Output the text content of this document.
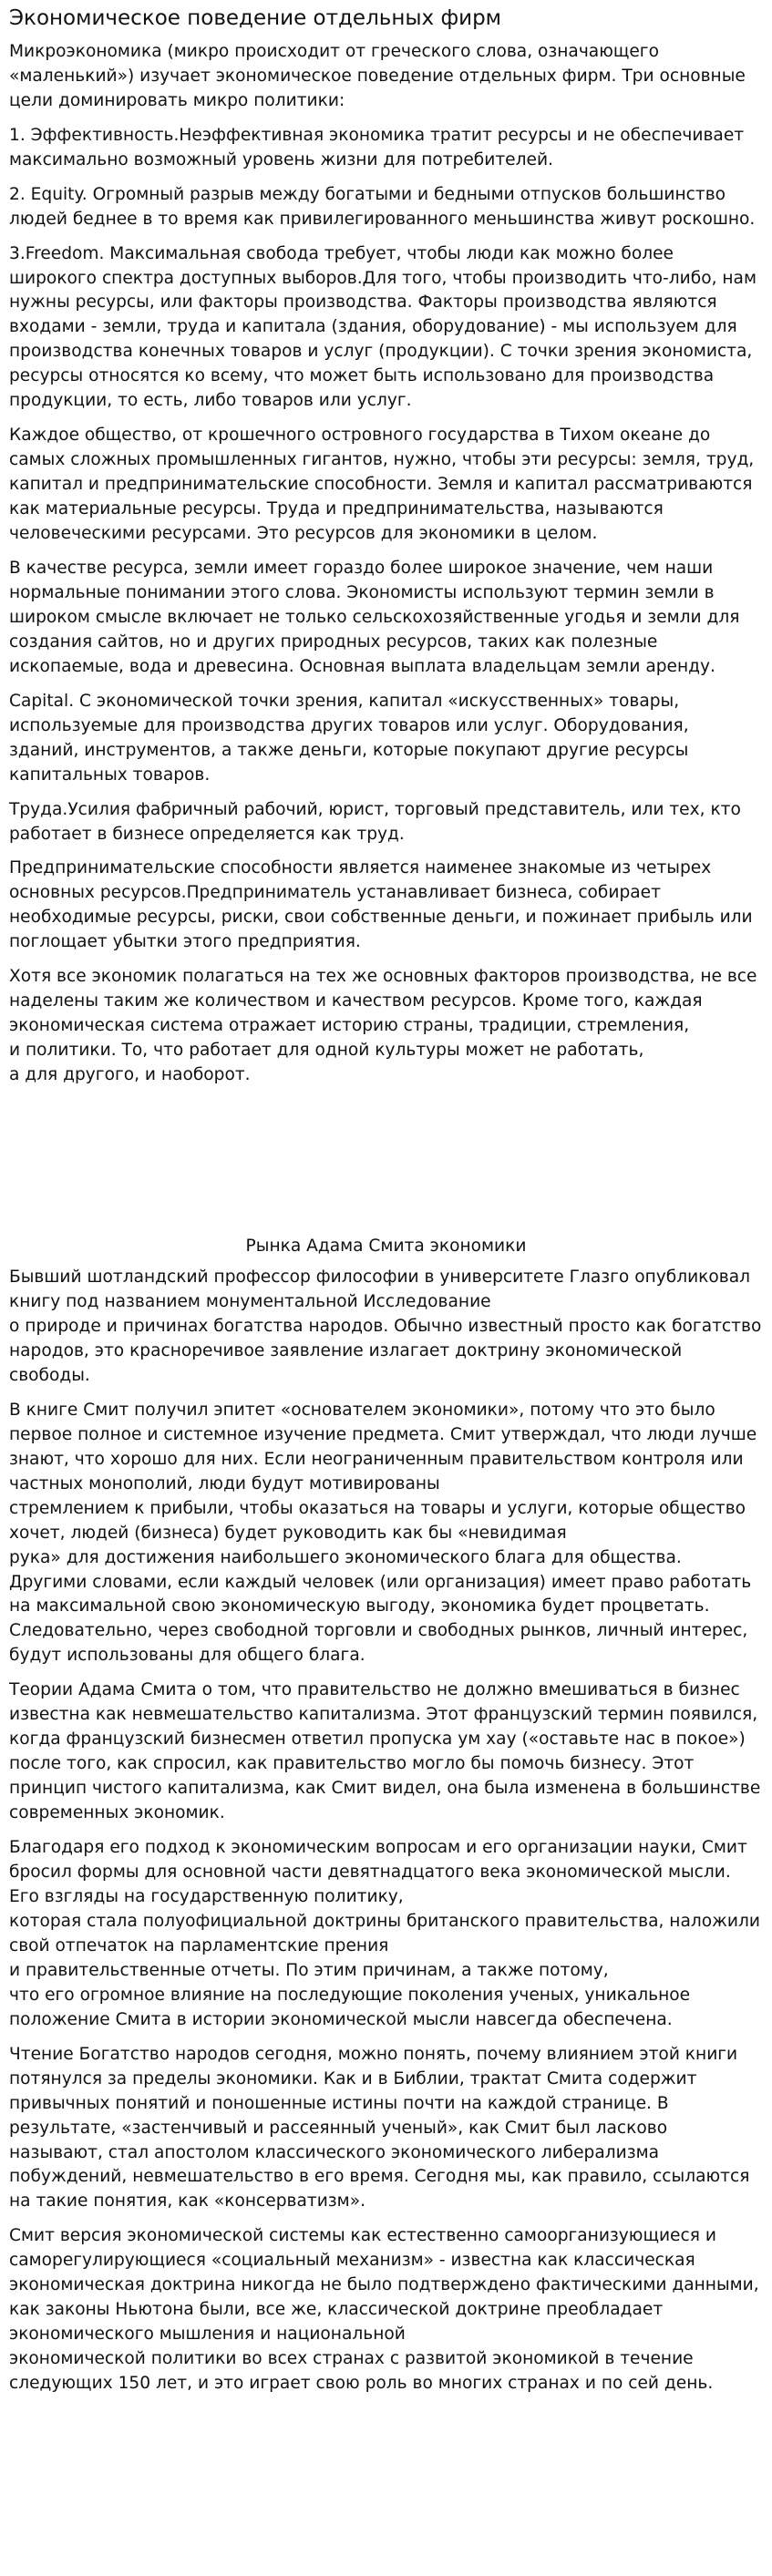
Экономическое поведение отдельных фирм

Микроэкономика (микро происходит от греческого слова, означающего «маленький») изучает экономическое поведение отдельных фирм. Три основные цели доминировать микро политики:

1. Эффективность.Неэффективная экономика тратит ресурсы и не обеспечивает максимально возможный уровень жизни для потребителей.

2. Equity. Огромный разрыв между богатыми и бедными отпусков большинство людей беднее в то время как привилегированного меньшинства живут роскошно.

3.Freedom. Максимальная свобода требует, чтобы люди как можно более широкого спектра доступных выборов.Для того, чтобы производить что-либо, нам нужны ресурсы, или факторы производства. Факторы производства являются входами - земли, труда и капитала (здания, оборудование) - мы используем для производства конечных товаров и услуг (продукции). С точки зрения экономиста, ресурсы относятся ко всему, что может быть использовано для производства продукции, то есть, либо товаров или услуг.

Каждое общество, от крошечного островного государства в Тихом океане до самых сложных промышленных гигантов, нужно, чтобы эти ресурсы: земля, труд, капитал и предпринимательские способности. Земля и капитал рассматриваются как материальные ресурсы. Труда и предпринимательства, называются человеческими ресурсами. Это ресурсов для экономики в целом.

В качестве ресурса, земли имеет гораздо более широкое значение, чем наши нормальные понимании этого слова. Экономисты используют термин земли в широком смысле включает не только сельскохозяйственные угодья и земли для создания сайтов, но и других природных ресурсов, таких как полезные ископаемые, вода и древесина. Основная выплата владельцам земли аренду.

Capital. С экономической точки зрения, капитал «искусственных» товары, используемые для производства других товаров или услуг. Оборудования, зданий, инструментов, а также деньги, которые покупают другие ресурсы капитальных товаров.

Труда.Усилия фабричный рабочий, юрист, торговый представитель, или тех, кто работает в бизнесе определяется как труд.

Предпринимательские способности является наименее знакомые из четырех основных ресурсов.Предприниматель устанавливает бизнеса, собирает необходимые ресурсы, риски, свои собственные деньги, и пожинает прибыль или поглощает убытки этого предприятия.

Хотя все экономик полагаться на тех же основных факторов производства, не все наделены таким же количеством и качеством ресурсов. Кроме того, каждая экономическая система отражает историю страны, традиции, стремления,
и политики. То, что работает для одной культуры может не работать,
а для другого, и наоборот.

Рынка Адама Смита экономики

Бывший шотландский профессор философии в университете Глазго опубликовал книгу под названием монументальной Исследование
о природе и причинах богатства народов. Обычно известный просто как богатство народов, это красноречивое заявление излагает доктрину экономической свободы.

В книге Смит получил эпитет «основателем экономики», потому что это было первое полное и системное изучение предмета. Смит утверждал, что люди лучше знают, что хорошо для них. Если неограниченным правительством контроля или частных монополий, люди будут мотивированы
стремлением к прибыли, чтобы оказаться на товары и услуги, которые общество хочет, людей (бизнеса) будет руководить как бы «невидимая
рука» для достижения наибольшего экономического блага для общества. Другими словами, если каждый человек (или организация) имеет право работать на максимальной свою экономическую выгоду, экономика будет процветать. Следовательно, через свободной торговли и свободных рынков, личный интерес, будут использованы для общего блага.

Теории Адама Смита о том, что правительство не должно вмешиваться в бизнес известна как невмешательство капитализма. Этот французский термин появился, когда французский бизнесмен ответил пропуска ум хау («оставьте нас в покое») после того, как спросил, как правительство могло бы помочь бизнесу. Этот принцип чистого капитализма, как Смит видел, она была изменена в большинстве современных экономик.

Благодаря его подход к экономическим вопросам и его организации науки, Смит бросил формы для основной части девятнадцатого века экономической мысли. Его взгляды на государственную политику,
которая стала полуофициальной доктрины британского правительства, наложили свой отпечаток на парламентские прения
и правительственные отчеты. По этим причинам, а также потому,
что его огромное влияние на последующие поколения ученых, уникальное положение Смита в истории экономической мысли навсегда обеспечена.

Чтение Богатство народов сегодня, можно понять, почему влиянием этой книги потянулся за пределы экономики. Как и в Библии, трактат Смита содержит привычных понятий и поношенные истины почти на каждой странице. В результате, «застенчивый и рассеянный ученый», как Смит был ласково называют, стал апостолом классического экономического либерализма побуждений, невмешательство в его время. Сегодня мы, как правило, ссылаются на такие понятия, как «консерватизм».

Смит версия экономической системы как естественно самоорганизующиеся и саморегулирующиеся «социальный механизм» - известна как классическая экономическая доктрина никогда не было подтверждено фактическими данными, как законы Ньютона были, все же, классической доктрине преобладает экономического мышления и национальной
экономической политики во всех странах с развитой экономикой в течение следующих 150 лет, и это играет свою роль во многих странах и по сей день.
